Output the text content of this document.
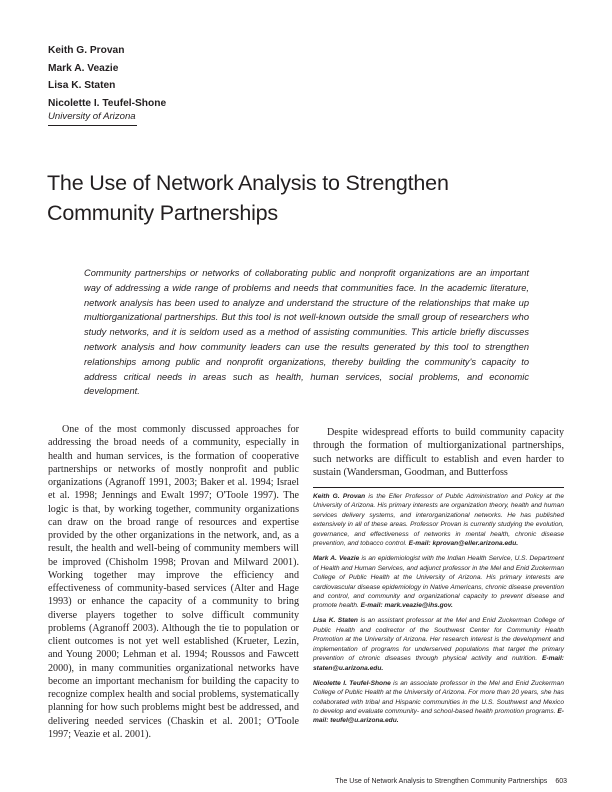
Keith G. Provan
Mark A. Veazie
Lisa K. Staten
Nicolette I. Teufel-Shone
University of Arizona
The Use of Network Analysis to Strengthen
Community Partnerships
Community partnerships or networks of collaborating public and nonprofit organizations are an important way of addressing a wide range of problems and needs that communities face. In the academic literature, network analysis has been used to analyze and understand the structure of the relationships that make up multiorganizational partnerships. But this tool is not well-known outside the small group of researchers who study networks, and it is seldom used as a method of assisting communities. This article briefly discusses network analysis and how community leaders can use the results generated by this tool to strengthen relationships among public and nonprofit organizations, thereby building the community's capacity to address critical needs in areas such as health, human services, social problems, and economic development.
One of the most commonly discussed approaches for addressing the broad needs of a community, especially in health and human services, is the formation of cooperative partnerships or networks of mostly nonprofit and public organizations (Agranoff 1991, 2003; Baker et al. 1994; Israel et al. 1998; Jennings and Ewalt 1997; O'Toole 1997). The logic is that, by working together, community organizations can draw on the broad range of resources and expertise provided by the other organizations in the network, and, as a result, the health and well-being of community members will be improved (Chisholm 1998; Provan and Milward 2001). Working together may improve the efficiency and effectiveness of community-based services (Alter and Hage 1993) or enhance the capacity of a community to bring diverse players together to solve difficult community problems (Agranoff 2003). Although the tie to population or client outcomes is not yet well established (Krueter, Lezin, and Young 2000; Lehman et al. 1994; Roussos and Fawcett 2000), in many communities organizational networks have become an important mechanism for building the capacity to recognize complex health and social problems, systematically planning for how such problems might best be addressed, and delivering needed services (Chaskin et al. 2001; O'Toole 1997; Veazie et al. 2001).
Despite widespread efforts to build community capacity through the formation of multiorganizational partnerships, such networks are difficult to establish and even harder to sustain (Wandersman, Goodman, and Butterfoss

Keith G. Provan is the Eller Professor of Public Administration and Policy at the University of Arizona. His primary interests are organization theory, health and human services delivery systems, and interorganizational networks. He has published extensively in all of these areas. Professor Provan is currently studying the evolution, governance, and effectiveness of networks in mental health, chronic disease prevention, and tobacco control. E-mail: kprovan@eller.arizona.edu.

Mark A. Veazie is an epidemiologist with the Indian Health Service, U.S. Department of Health and Human Services, and adjunct professor in the Mel and Enid Zuckerman College of Public Health at the University of Arizona. His primary interests are cardiovascular disease epidemiology in Native Americans, chronic disease prevention and control, and community and organizational capacity to prevent disease and promote health. E-mail: mark.veazie@ihs.gov.

Lisa K. Staten is an assistant professor at the Mel and Enid Zuckerman College of Public Health and codirector of the Southwest Center for Community Health Promotion at the University of Arizona. Her research interest is the development and implementation of programs for underserved populations that target the primary prevention of chronic diseases through physical activity and nutrition. E-mail: staten@u.arizona.edu.

Nicolette I. Teufel-Shone is an associate professor in the Mel and Enid Zuckerman College of Public Health at the University of Arizona. For more than 20 years, she has collaborated with tribal and Hispanic communities in the U.S. Southwest and Mexico to develop and evaluate community- and school-based health promotion programs. E-mail: teufel@u.arizona.edu.

The Use of Network Analysis to Strengthen Community Partnerships 603
